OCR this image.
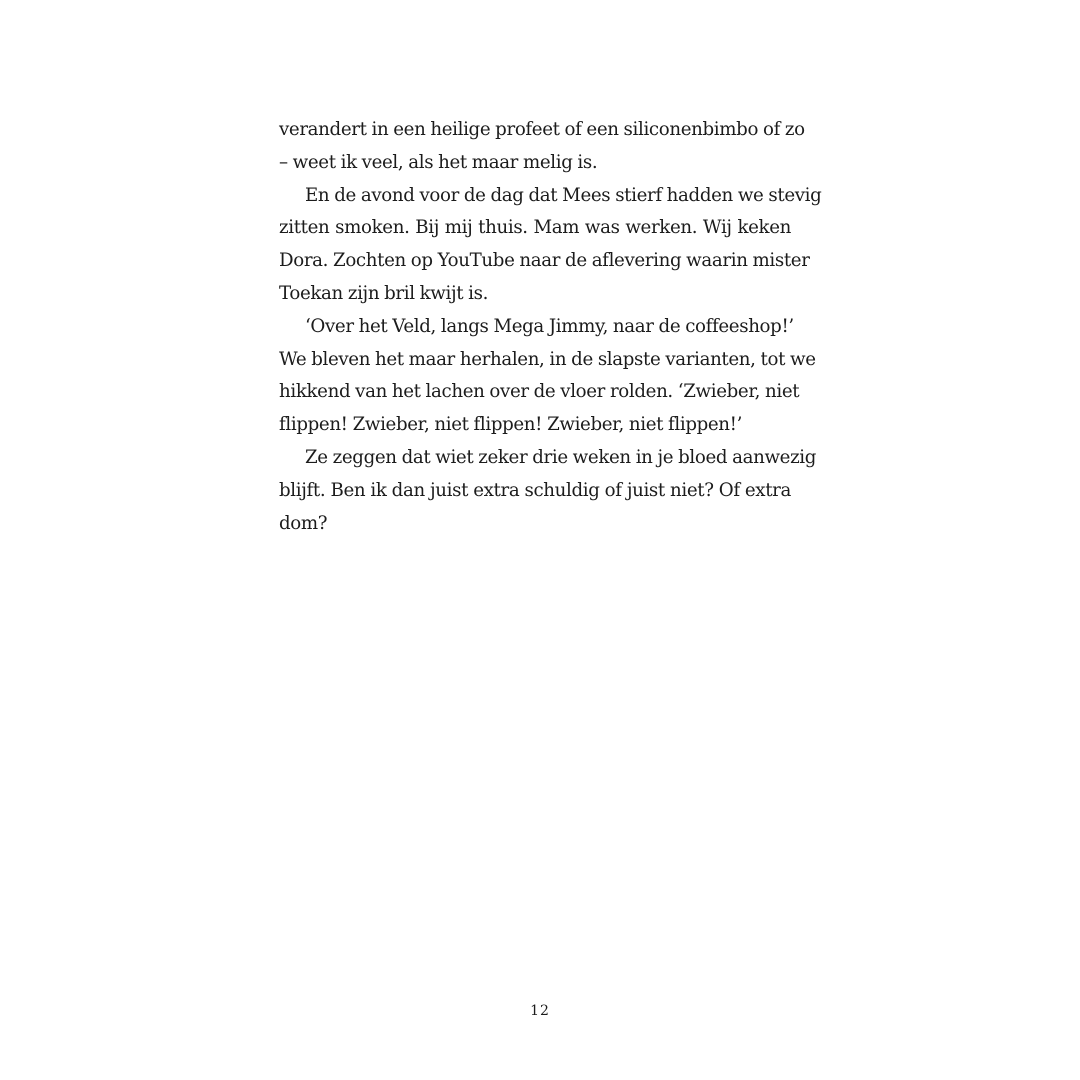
verandert in een heilige profeet of een siliconenbimbo of zo
– weet ik veel, als het maar melig is.
En de avond voor de dag dat Mees stierf hadden we stevig
zitten smoken. Bij mij thuis. Mam was werken. Wij keken
Dora. Zochten op YouTube naar de aflevering waarin mister
Toekan zijn bril kwijt is.
‘Over het Veld, langs Mega Jimmy, naar de coffeeshop!’
We bleven het maar herhalen, in de slapste varianten, tot we
hikkend van het lachen over de vloer rolden. ‘Zwieber, niet
flippen! Zwieber, niet flippen! Zwieber, niet flippen!’
Ze zeggen dat wiet zeker drie weken in je bloed aanwezig
blijft. Ben ik dan juist extra schuldig of juist niet? Of extra
dom?
12
